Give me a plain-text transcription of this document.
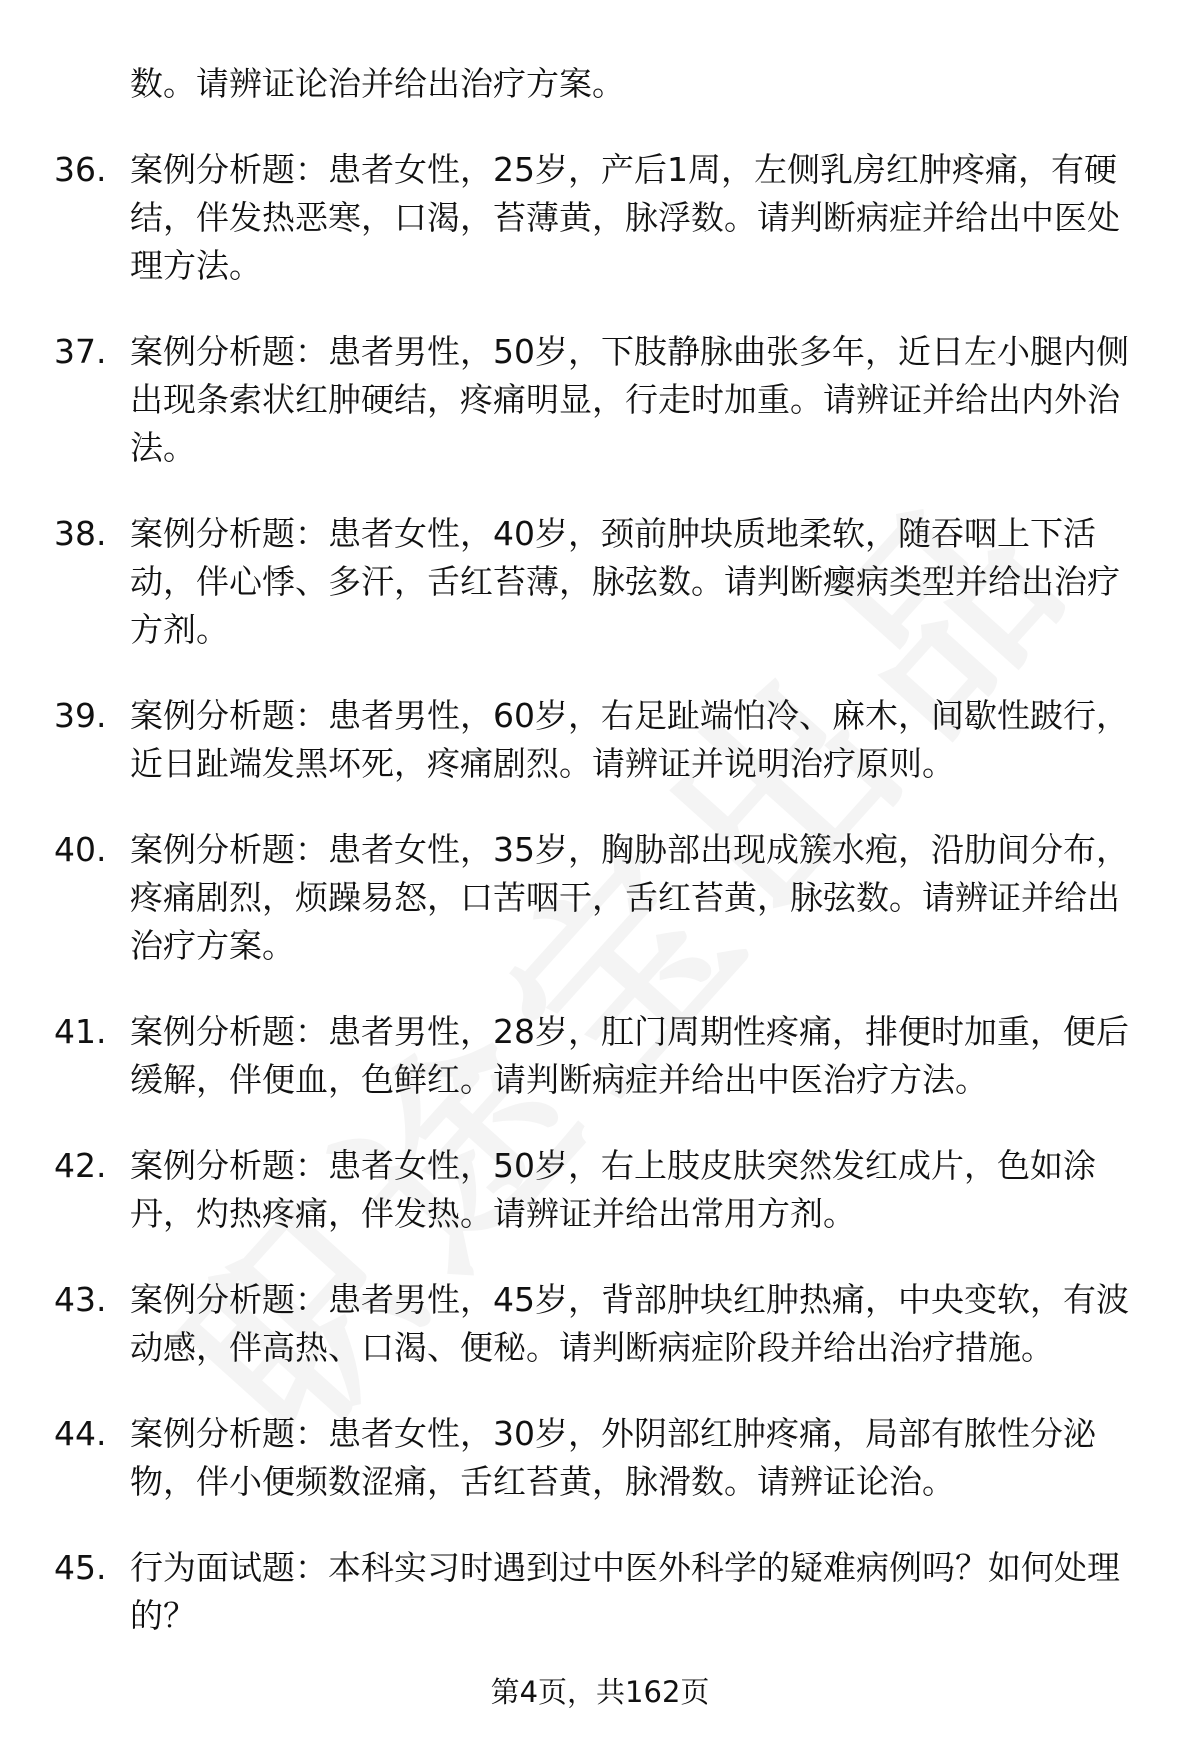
数。请辨证论治并给出治疗方案。
36. 案例分析题：患者女性，25岁，产后1周，左侧乳房红肿疼痛，有硬结，伴发热恶寒，口渴，苔薄黄，脉浮数。请判断病症并给出中医处理方法。
37. 案例分析题：患者男性，50岁，下肢静脉曲张多年，近日左小腿内侧出现条索状红肿硬结，疼痛明显，行走时加重。请辨证并给出内外治法。
38. 案例分析题：患者女性，40岁，颈前肿块质地柔软，随吞咽上下活动，伴心悸、多汗，舌红苔薄，脉弦数。请判断瘿病类型并给出治疗方剂。
39. 案例分析题：患者男性，60岁，右足趾端怕冷、麻木，间歇性跛行，近日趾端发黑坏死，疼痛剧烈。请辨证并说明治疗原则。
40. 案例分析题：患者女性，35岁，胸胁部出现成簇水疱，沿肋间分布，疼痛剧烈，烦躁易怒，口苦咽干，舌红苔黄，脉弦数。请辨证并给出治疗方案。
41. 案例分析题：患者男性，28岁，肛门周期性疼痛，排便时加重，便后缓解，伴便血，色鲜红。请判断病症并给出中医治疗方法。
42. 案例分析题：患者女性，50岁，右上肢皮肤突然发红成片，色如涂丹，灼热疼痛，伴发热。请辨证并给出常用方剂。
43. 案例分析题：患者男性，45岁，背部肿块红肿热痛，中央变软，有波动感，伴高热、口渴、便秘。请判断病症阶段并给出治疗措施。
44. 案例分析题：患者女性，30岁，外阴部红肿疼痛，局部有脓性分泌物，伴小便频数涩痛，舌红苔黄，脉滑数。请辨证论治。
45. 行为面试题：本科实习时遇到过中医外科学的疑难病例吗？如何处理的？
第4页，共162页
